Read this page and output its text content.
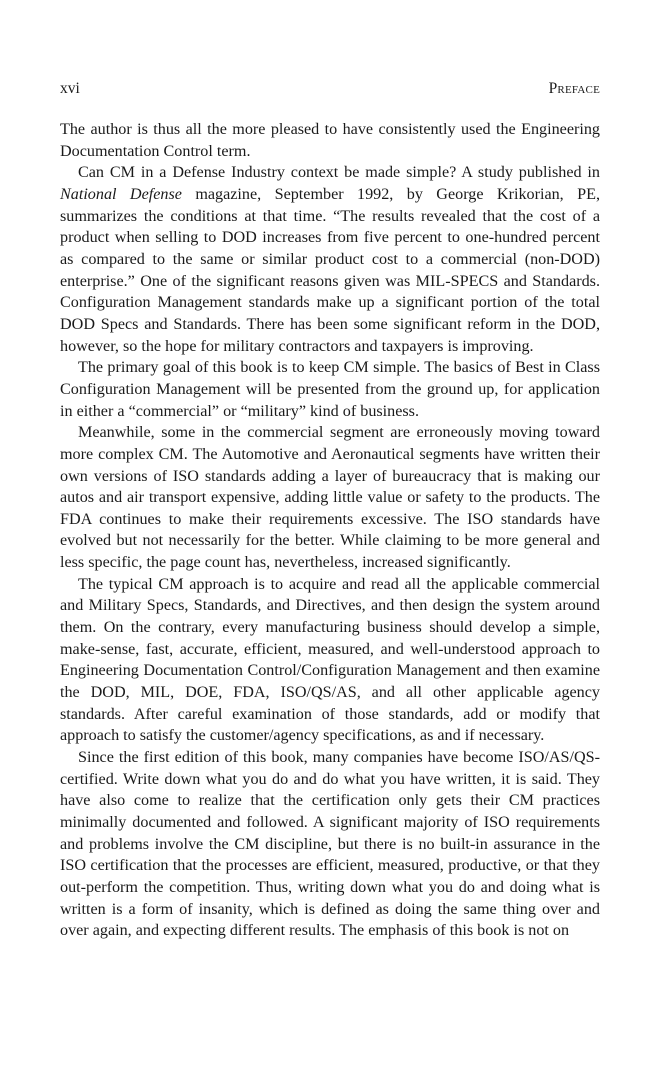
xvi	Preface

The author is thus all the more pleased to have consistently used the Engineering Documentation Control term.

Can CM in a Defense Industry context be made simple? A study published in National Defense magazine, September 1992, by George Krikorian, PE, summarizes the conditions at that time. “The results revealed that the cost of a product when selling to DOD increases from five percent to one-hundred percent as compared to the same or similar product cost to a commercial (non-DOD) enterprise.” One of the significant reasons given was MIL-SPECS and Standards. Configuration Management standards make up a significant portion of the total DOD Specs and Standards. There has been some significant reform in the DOD, however, so the hope for military contractors and taxpayers is improving.

The primary goal of this book is to keep CM simple. The basics of Best in Class Configuration Management will be presented from the ground up, for application in either a “commercial” or “military” kind of business.

Meanwhile, some in the commercial segment are erroneously moving toward more complex CM. The Automotive and Aeronautical segments have written their own versions of ISO standards adding a layer of bureaucracy that is making our autos and air transport expensive, adding little value or safety to the products. The FDA continues to make their requirements excessive. The ISO standards have evolved but not necessarily for the better. While claiming to be more general and less specific, the page count has, nevertheless, increased significantly.

The typical CM approach is to acquire and read all the applicable commercial and Military Specs, Standards, and Directives, and then design the system around them. On the contrary, every manufacturing business should develop a simple, make-sense, fast, accurate, efficient, measured, and well-understood approach to Engineering Documentation Control/​Configuration Management and then examine the DOD, MIL, DOE, FDA, ISO/QS/AS, and all other applicable agency standards. After careful examination of those standards, add or modify that approach to satisfy the customer/agency specifications, as and if necessary.

Since the first edition of this book, many companies have become ISO/​AS/QS-certified. Write down what you do and do what you have written, it is said. They have also come to realize that the certification only gets their CM practices minimally documented and followed. A significant majority of ISO requirements and problems involve the CM discipline, but there is no built-in assurance in the ISO certification that the processes are efficient, measured, productive, or that they out-perform the competition. Thus, writing down what you do and doing what is written is a form of insanity, which is defined as doing the same thing over and over again, and expecting different results. The emphasis of this book is not on
